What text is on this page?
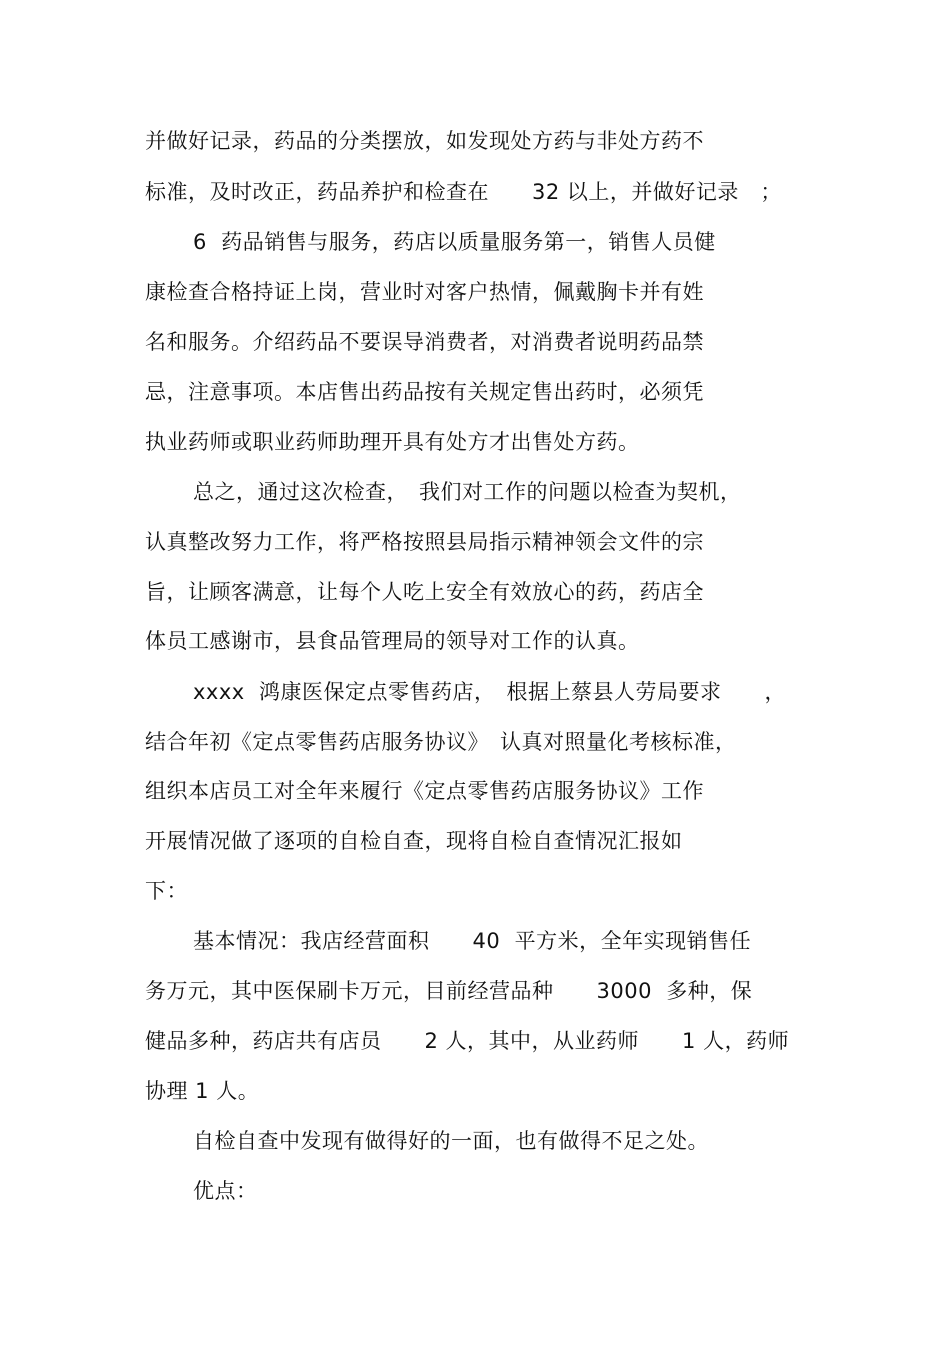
并做好记录，药品的分类摆放，如发现处方药与非处方药不
标准，及时改正，药品养护和检查在　　32 以上，并做好记录　；
6  药品销售与服务，药店以质量服务第一，销售人员健
康检查合格持证上岗，营业时对客户热情，佩戴胸卡并有姓
名和服务。介绍药品不要误导消费者，对消费者说明药品禁
忌，注意事项。本店售出药品按有关规定售出药时，必须凭
执业药师或职业药师助理开具有处方才出售处方药。
总之，通过这次检查，　我们对工作的问题以检查为契机，
认真整改努力工作，将严格按照县局指示精神领会文件的宗
旨，让顾客满意，让每个人吃上安全有效放心的药，药店全
体员工感谢市，县食品管理局的领导对工作的认真。
xxxx  鸿康医保定点零售药店，　根据上蔡县人劳局要求　　，
结合年初《定点零售药店服务协议》　认真对照量化考核标准，
组织本店员工对全年来履行《定点零售药店服务协议》工作
开展情况做了逐项的自检自查，现将自检自查情况汇报如
下：
基本情况：我店经营面积　　40  平方米，全年实现销售任
务万元，其中医保刷卡万元，目前经营品种　　3000  多种，保
健品多种，药店共有店员　　2 人，其中，从业药师　　1 人，药师
协理 1 人。
自检自查中发现有做得好的一面，也有做得不足之处。
优点：
